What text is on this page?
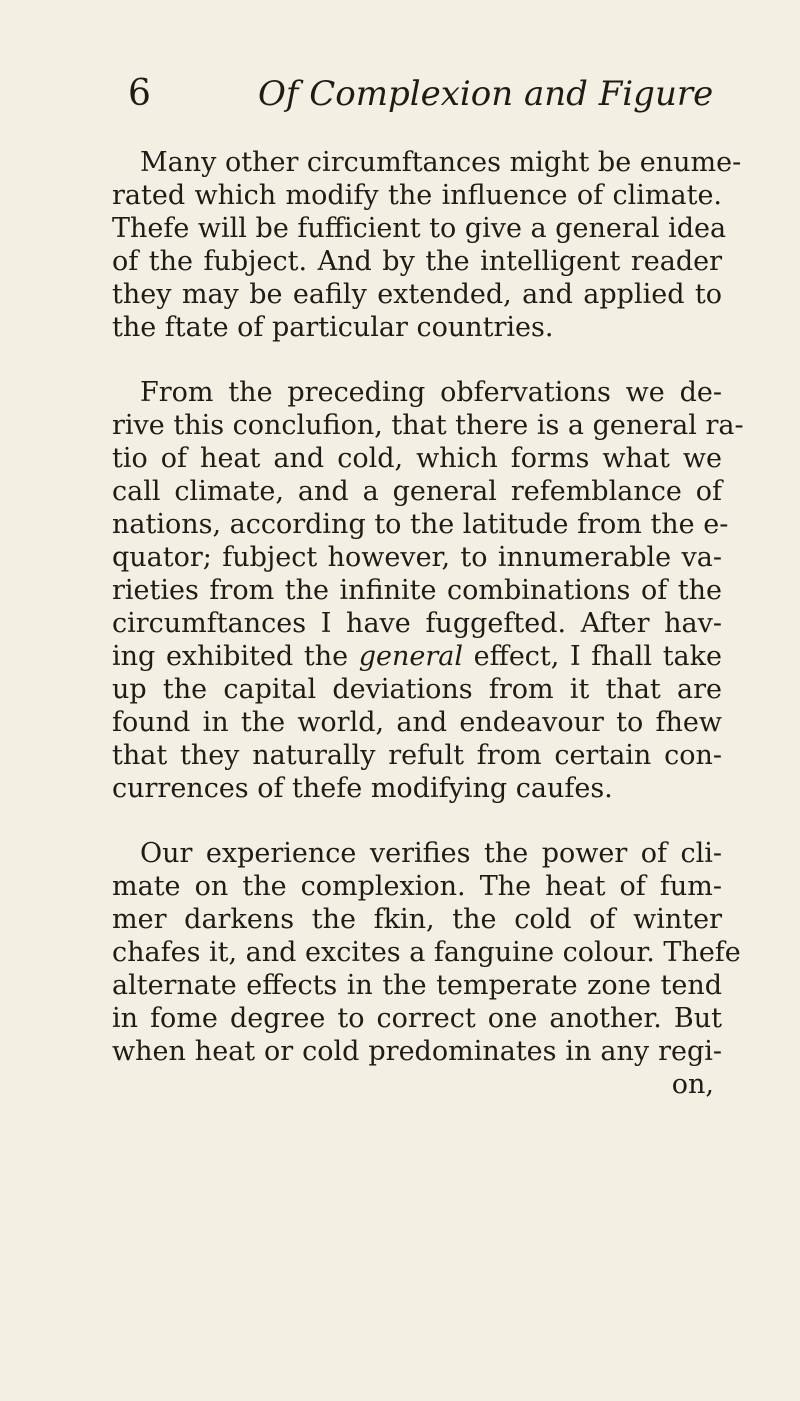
6	Of Complexion and Figure
Many other circumftances might be enume-
rated which modify the influence of climate.
Thefe will be fufficient to give a general idea
of the fubject. And by the intelligent reader
they may be eafily extended, and applied to
the ftate of particular countries.
From the preceding obfervations we de-
rive this conclufion, that there is a general ra-
tio of heat and cold, which forms what we
call climate, and a general refemblance of
nations, according to the latitude from the e-
quator; fubject however, to innumerable va-
rieties from the infinite combinations of the
circumftances I have fuggefted. After hav-
ing exhibited the general effect, I fhall take
up the capital deviations from it that are
found in the world, and endeavour to fhew
that they naturally refult from certain con-
currences of thefe modifying caufes.
Our experience verifies the power of cli-
mate on the complexion. The heat of fum-
mer darkens the fkin, the cold of winter
chafes it, and excites a fanguine colour. Thefe
alternate effects in the temperate zone tend
in fome degree to correct one another. But
when heat or cold predominates in any regi-
on,
